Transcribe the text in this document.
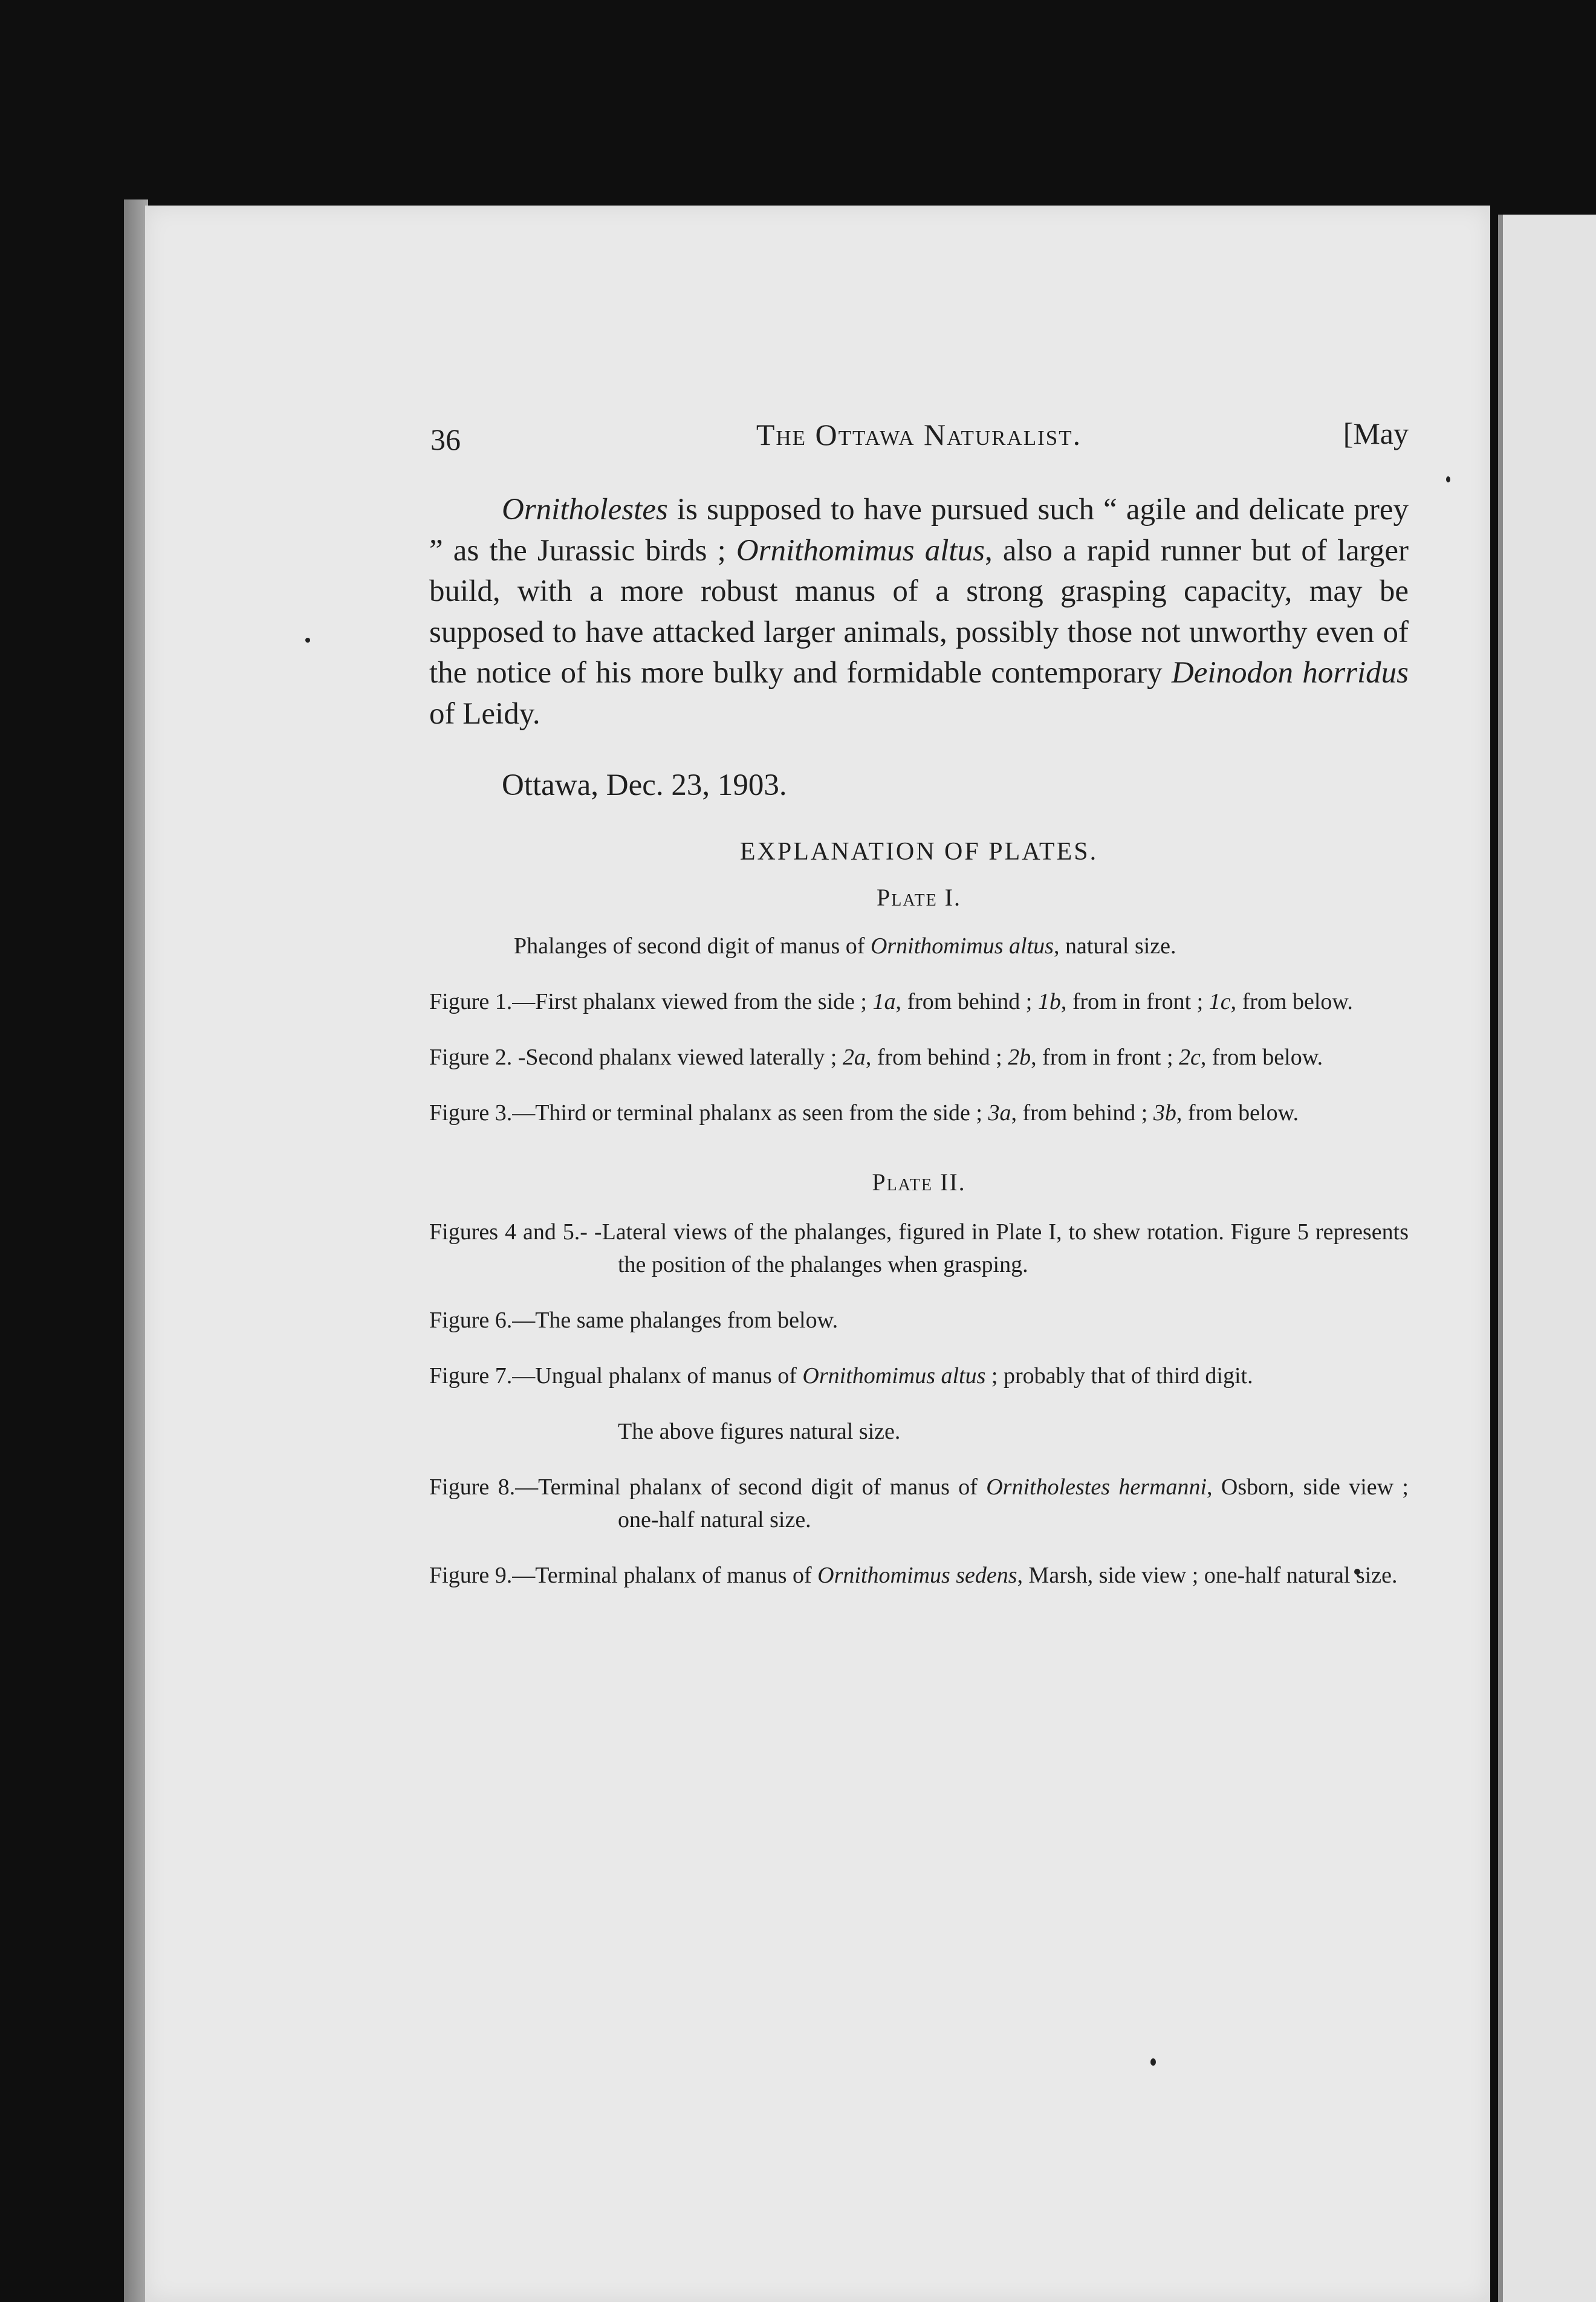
36	The Ottawa Naturalist.	[May

Ornitholestes is supposed to have pursued such “ agile and delicate prey ” as the Jurassic birds ; Ornithomimus altus, also a rapid runner but of larger build, with a more robust manus of a strong grasping capacity, may be supposed to have attacked larger animals, possibly those not unworthy even of the notice of his more bulky and formidable contemporary Deinodon horridus of Leidy.

Ottawa, Dec. 23, 1903.

EXPLANATION OF PLATES.
Plate I.

Phalanges of second digit of manus of Ornithomimus altus, natural size.

Figure 1.—First phalanx viewed from the side ; 1a, from behind ; 1b, from in front ; 1c, from below.

Figure 2. -Second phalanx viewed laterally ; 2a, from behind ; 2b, from in front ; 2c, from below.

Figure 3.—Third or terminal phalanx as seen from the side ; 3a, from behind ; 3b, from below.

Plate II.

Figures 4 and 5.- -Lateral views of the phalanges, figured in Plate I, to shew rotation. Figure 5 represents the position of the phalanges when grasping.

Figure 6.—The same phalanges from below.

Figure 7.—Ungual phalanx of manus of Ornithomimus altus ; probably that of third digit.

The above figures natural size.

Figure 8.—Terminal phalanx of second digit of manus of Ornitholestes hermanni, Osborn, side view ; one-half natural size.

Figure 9.—Terminal phalanx of manus of Ornithomimus sedens, Marsh, side view ; one-half natural size.
